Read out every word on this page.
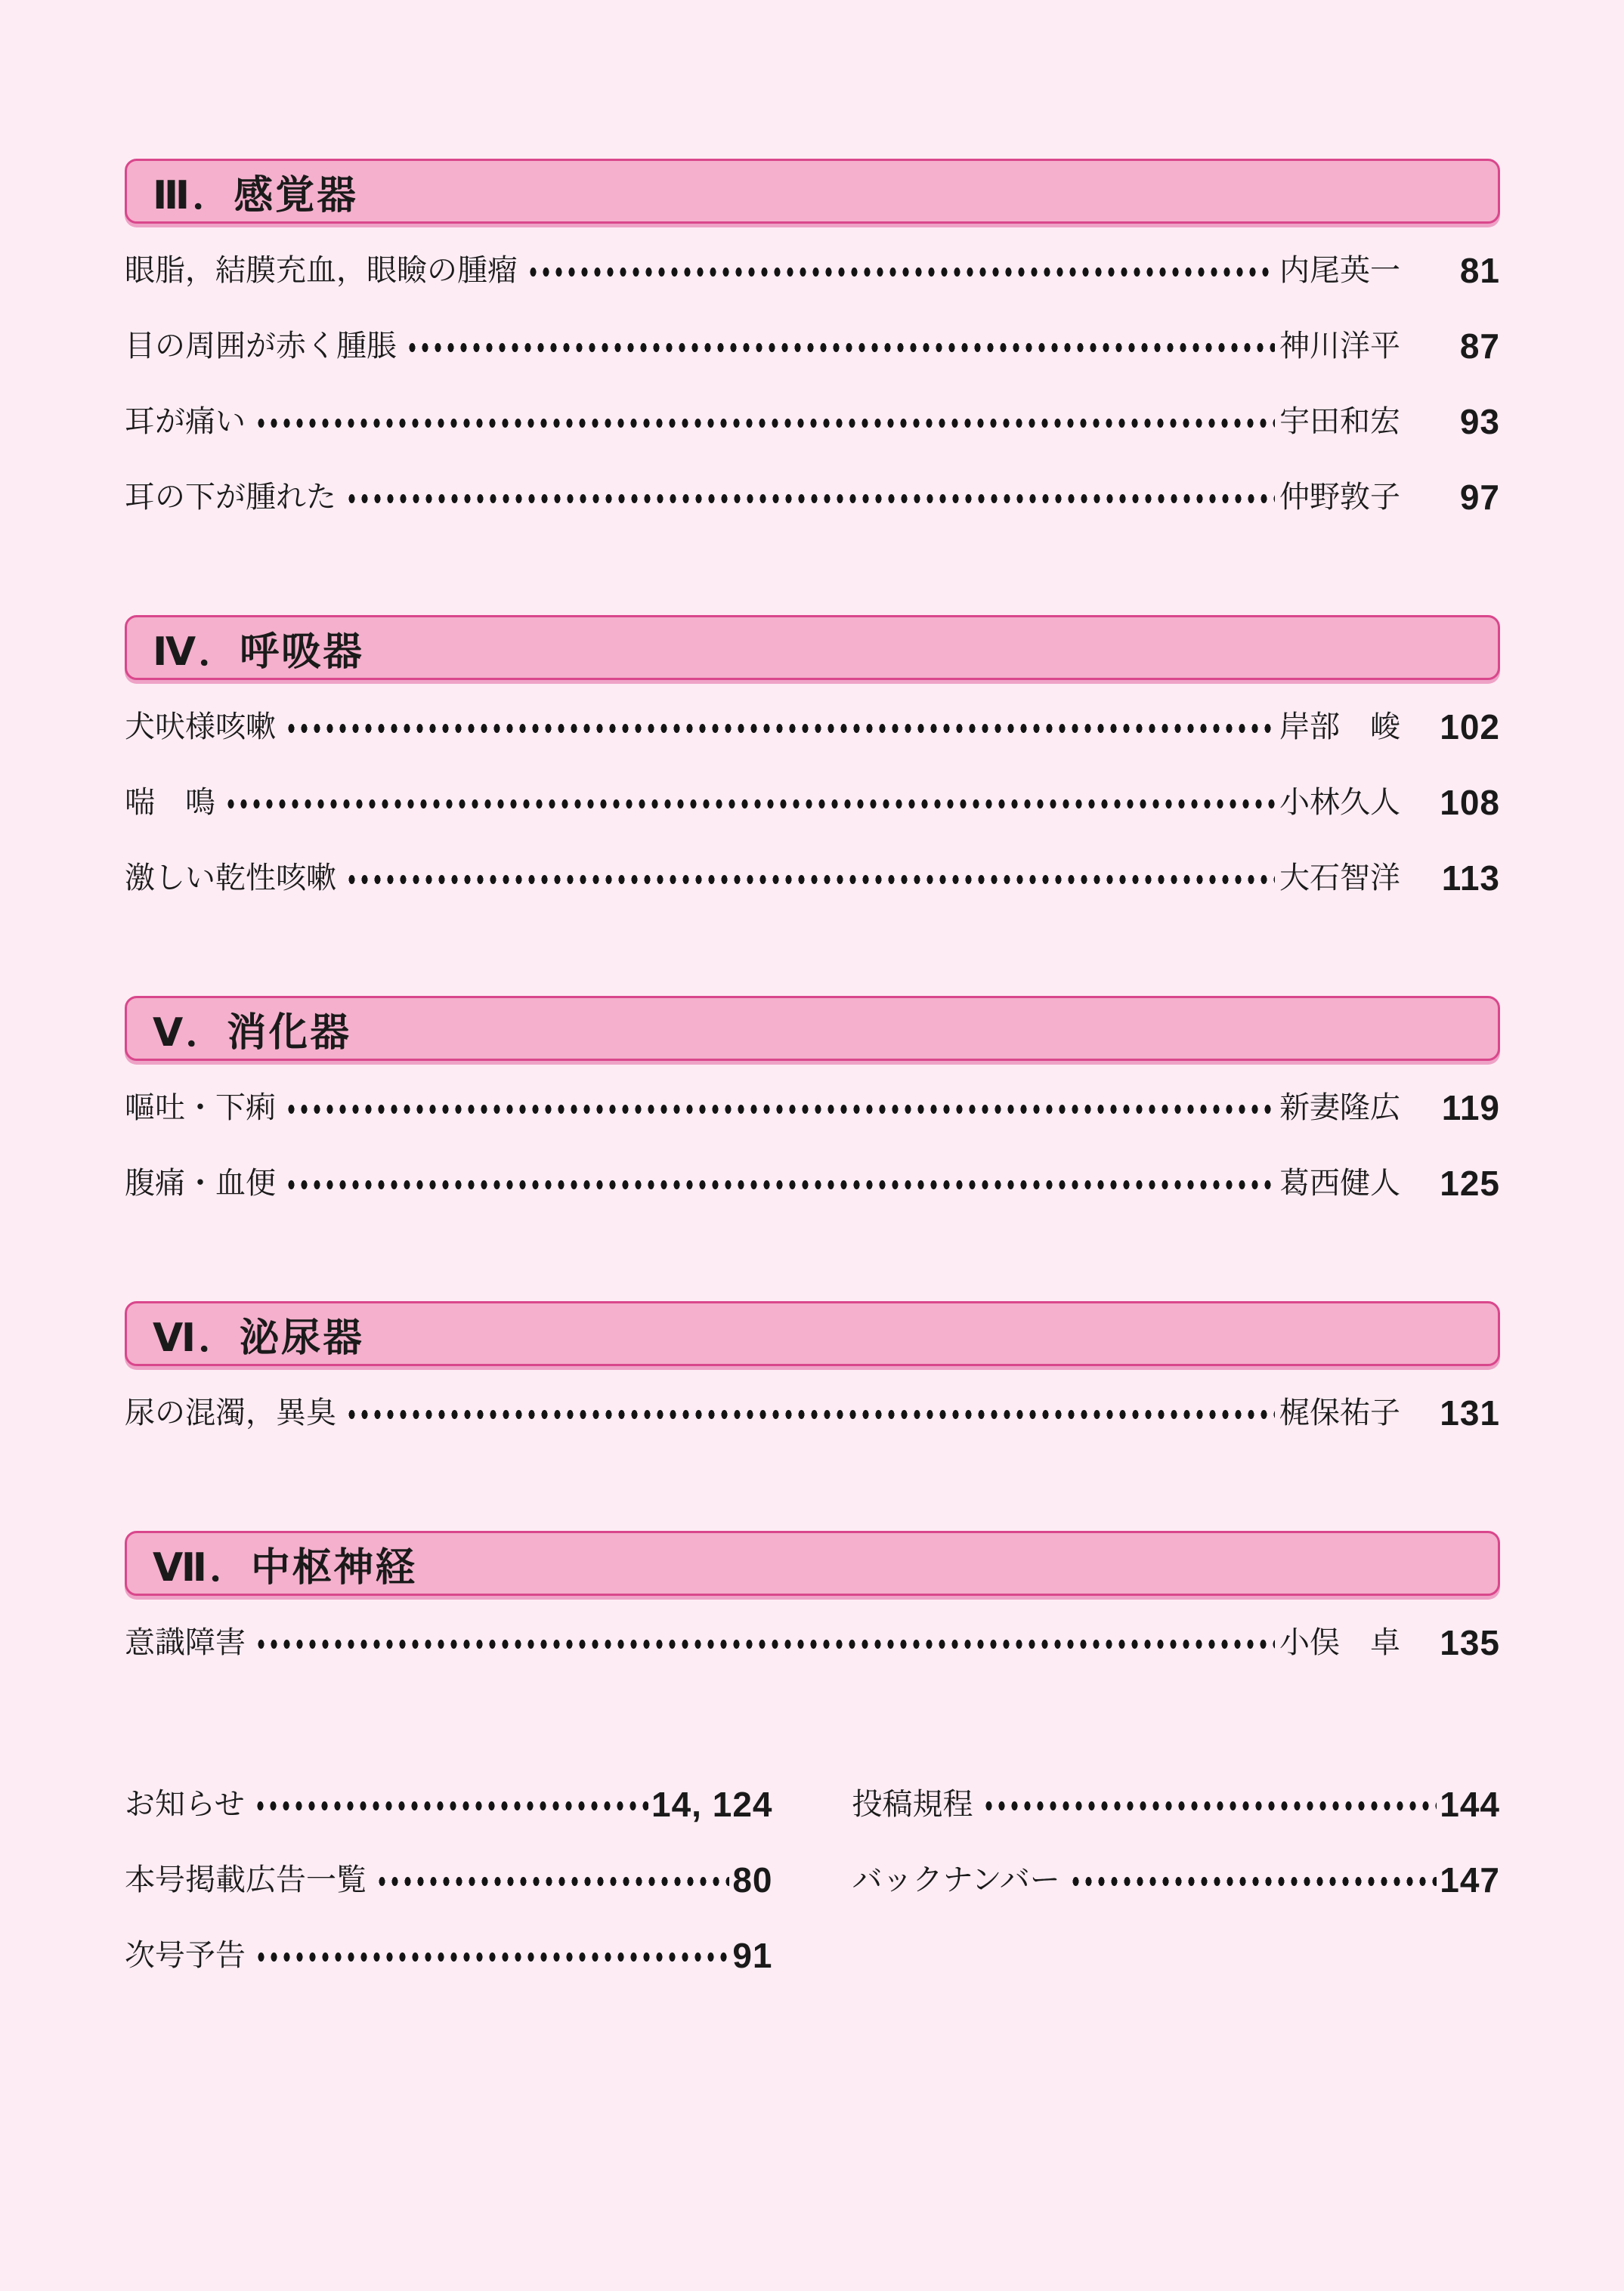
Ⅲ．感覚器
眼脂，結膜充血，眼瞼の腫瘤	内尾英一	81
目の周囲が赤く腫脹	神川洋平	87
耳が痛い	宇田和宏	93
耳の下が腫れた	仲野敦子	97
Ⅳ．呼吸器
犬吠様咳嗽	岸部　峻	102
喘　鳴	小林久人	108
激しい乾性咳嗽	大石智洋	113
Ⅴ．消化器
嘔吐・下痢	新妻隆広	119
腹痛・血便	葛西健人	125
Ⅵ．泌尿器
尿の混濁，異臭	梶保祐子	131
Ⅶ．中枢神経
意識障害	小俣　卓	135
お知らせ	14, 124
本号掲載広告一覧	80
次号予告	91
投稿規程	144
バックナンバー	147
